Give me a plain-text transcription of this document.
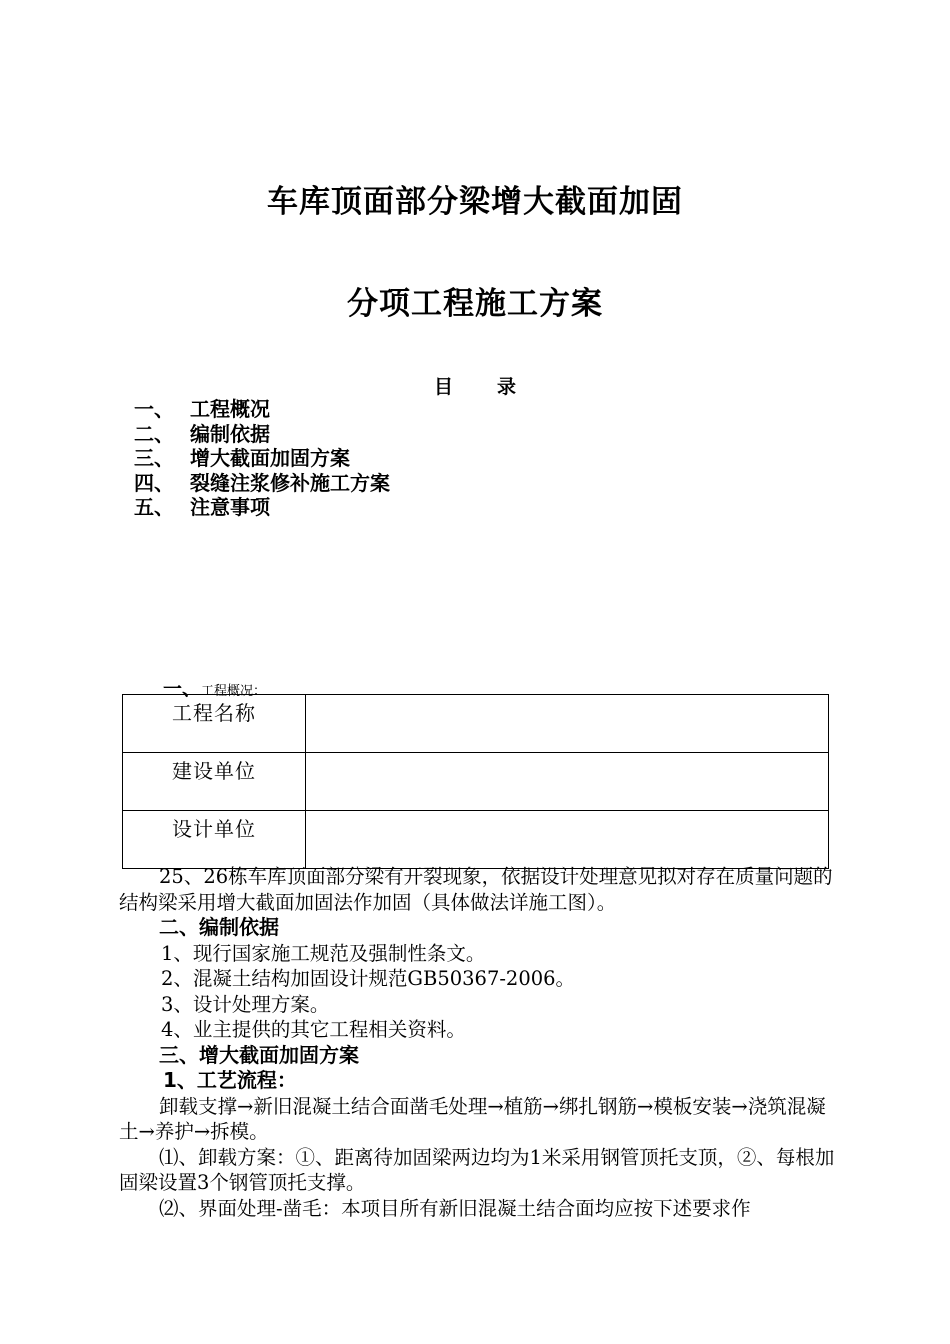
车库顶面部分梁增大截面加固
分项工程施工方案
目 录
一、 工程概况
二、 编制依据
三、 增大截面加固方案
四、 裂缝注浆修补施工方案
五、 注意事项
一、工程概况：
工程名称	
建设单位	
设计单位	

25、26栋车库顶面部分梁有开裂现象，依据设计处理意见拟对存在质量问题的结构梁采用增大截面加固法作加固（具体做法详施工图）。

二、编制依据

1、现行国家施工规范及强制性条文。

2、混凝土结构加固设计规范GB50367-2006。

3、设计处理方案。

4、业主提供的其它工程相关资料。

三、增大截面加固方案

1、工艺流程：

卸载支撑→新旧混凝土结合面凿毛处理→植筋→绑扎钢筋→模板安装→浇筑混凝土→养护→拆模。

⑴、卸载方案：①、距离待加固梁两边均为1米采用钢管顶托支顶，②、每根加固梁设置3个钢管顶托支撑。

⑵、界面处理-凿毛：本项目所有新旧混凝土结合面均应按下述要求作
